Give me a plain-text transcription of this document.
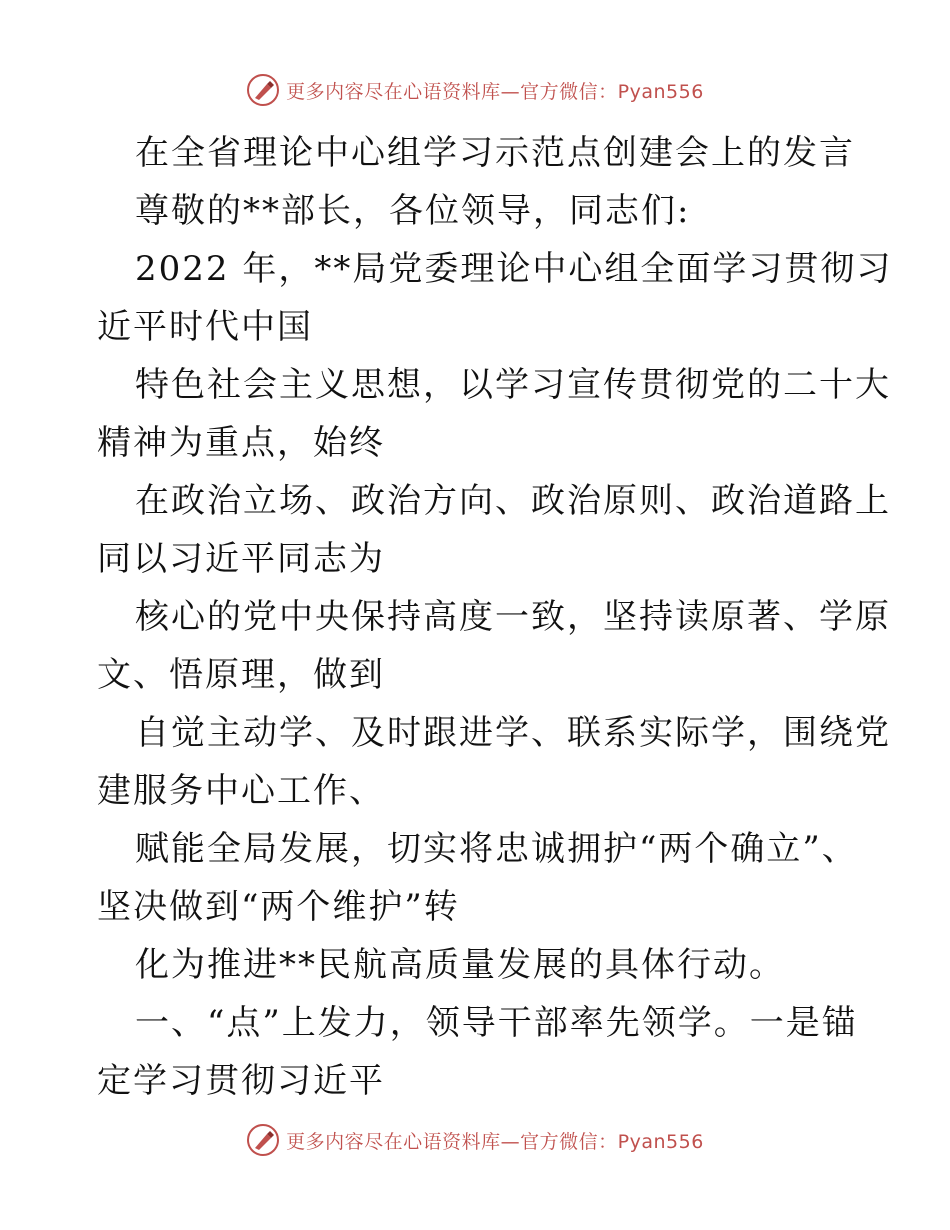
更多内容尽在心语资料库—官方微信：Pyan556

在全省理论中心组学习示范点创建会上的发言

尊敬的**部长，各位领导，同志们:

2022 年，**局党委理论中心组全面学习贯彻习
近平时代中国

特色社会主义思想，以学习宣传贯彻党的二十大
精神为重点，始终

在政治立场、政治方向、政治原则、政治道路上
同以习近平同志为

核心的党中央保持高度一致，坚持读原著、学原
文、悟原理，做到

自觉主动学、及时跟进学、联系实际学，围绕党
建服务中心工作、

赋能全局发展，切实将忠诚拥护“两个确立”、
坚决做到“两个维护”转

化为推进**民航高质量发展的具体行动。

一、“点”上发力，领导干部率先领学。一是锚
定学习贯彻习近平

更多内容尽在心语资料库—官方微信：Pyan556
